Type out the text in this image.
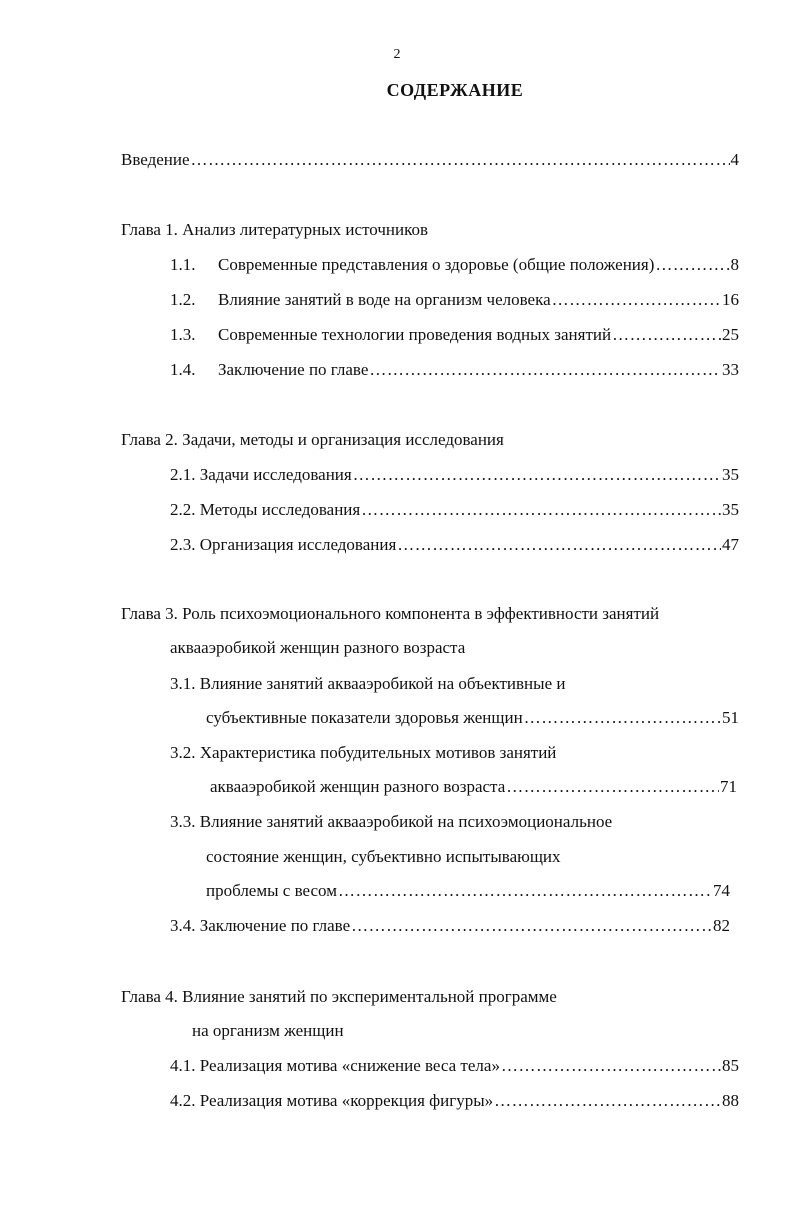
2
СОДЕРЖАНИЕ
Введение ……………………………………………………………………………………………………………………………………………………	4
Глава 1. Анализ литературных источников
1.1.	Современные представления о здоровье (общие положения) ……………………………………………………………………………………………………………………………………………………	8
1.2.	Влияние занятий в воде на организм человека ……………………………………………………………………………………………………………………………………………………	16
1.3.	Современные технологии проведения водных занятий ……………………………………………………………………………………………………………………………………………………	25
1.4.	Заключение по главе ……………………………………………………………………………………………………………………………………………………	33
Глава 2. Задачи, методы и организация исследования
2.1. Задачи исследования ……………………………………………………………………………………………………………………………………………………	35
2.2. Методы исследования ……………………………………………………………………………………………………………………………………………………	35
2.3. Организация исследования ……………………………………………………………………………………………………………………………………………………	47
Глава 3. Роль психоэмоционального компонента в эффективности занятий
аквааэробикой женщин разного возраста
3.1. Влияние занятий аквааэробикой на объективные и
субъективные показатели здоровья женщин ……………………………………………………………………………………………………………………………………………………	51
3.2. Характеристика побудительных мотивов занятий
аквааэробикой женщин разного возраста ……………………………………………………………………………………………………………………………………………………	71
3.3. Влияние занятий аквааэробикой на психоэмоциональное
состояние женщин, субъективно испытывающих
проблемы с весом ……………………………………………………………………………………………………………………………………………………	74
3.4. Заключение по главе ……………………………………………………………………………………………………………………………………………………	82
Глава 4. Влияние занятий по экспериментальной программе
на организм женщин
4.1. Реализация мотива «снижение веса тела» ……………………………………………………………………………………………………………………………………………………	85
4.2. Реализация мотива «коррекция фигуры» ……………………………………………………………………………………………………………………………………………………	88
